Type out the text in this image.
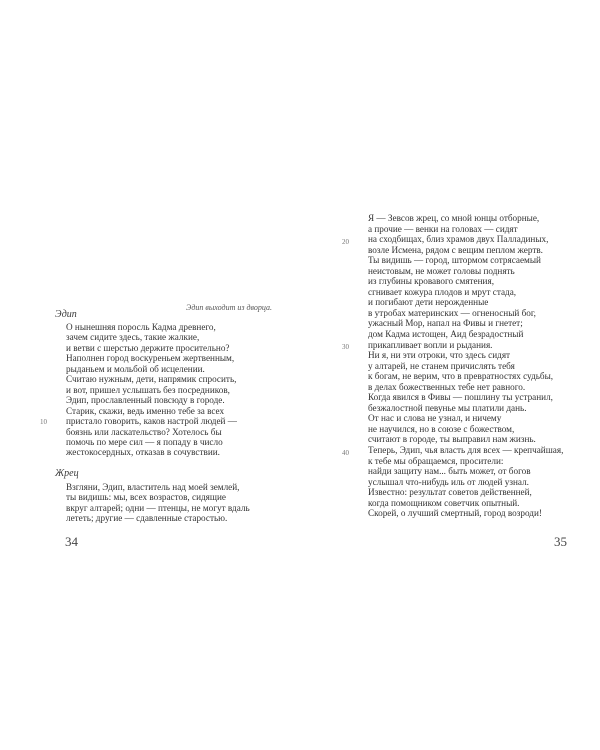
Эдип выходит из дворца.
Эдип
О нынешняя поросль Кадма древнего,
зачем сидите здесь, такие жалкие,
и ветви с шерстью держите просительно?
Наполнен город воскуреньем жертвенным,
рыданьем и мольбой об исцелении.
Считаю нужным, дети, напрямик спросить,
и вот, пришел услышать без посредников,
Эдип, прославленный повсюду в городе.
Старик, скажи, ведь именно тебе за всех
пристало говорить, каков настрой людей —
боязнь или ласкательство? Хотелось бы
помочь по мере сил — я попаду в число
жестокосердных, отказав в сочувствии.
10
Жрец
Взгляни, Эдип, властитель над моей землей,
ты видишь: мы, всех возрастов, сидящие
вкруг алтарей; одни — птенцы, не могут вдаль
лететь; другие — сдавленные старостью.
34
Я — Зевсов жрец, со мной юнцы отборные,
а прочие — венки на головах — сидят
на сходбищах, близ храмов двух Палладиных,
возле Исмена, рядом с вещим пеплом жертв.
Ты видишь — город, штормом сотрясаемый
неистовым, не может головы поднять
из глубины кровавого смятения,
сгнивает кожура плодов и мрут стада,
и погибают дети нерожденные
в утробах материнских — огненосный бог,
ужасный Мор, напал на Фивы и гнетет;
дом Кадма истощен, Аид безрадостный
прикапливает вопли и рыдания.
Ни я, ни эти отроки, что здесь сидят
у алтарей, не станем причислять тебя
к богам, не верим, что в превратностях судьбы,
в делах божественных тебе нет равного.
Когда явился в Фивы — пошлину ты устранил,
безжалостной певунье мы платили дань.
От нас и слова не узнал, и ничему
не научился, но в союзе с божеством,
считают в городе, ты выправил нам жизнь.
Теперь, Эдип, чья власть для всех — крепчайшая,
к тебе мы обращаемся, просители:
найди защиту нам... быть может, от богов
услышал что-нибудь иль от людей узнал.
Известно: результат советов действенней,
когда помощником советчик опытный.
Скорей, о лучший смертный, город возроди!
20
30
40
35
